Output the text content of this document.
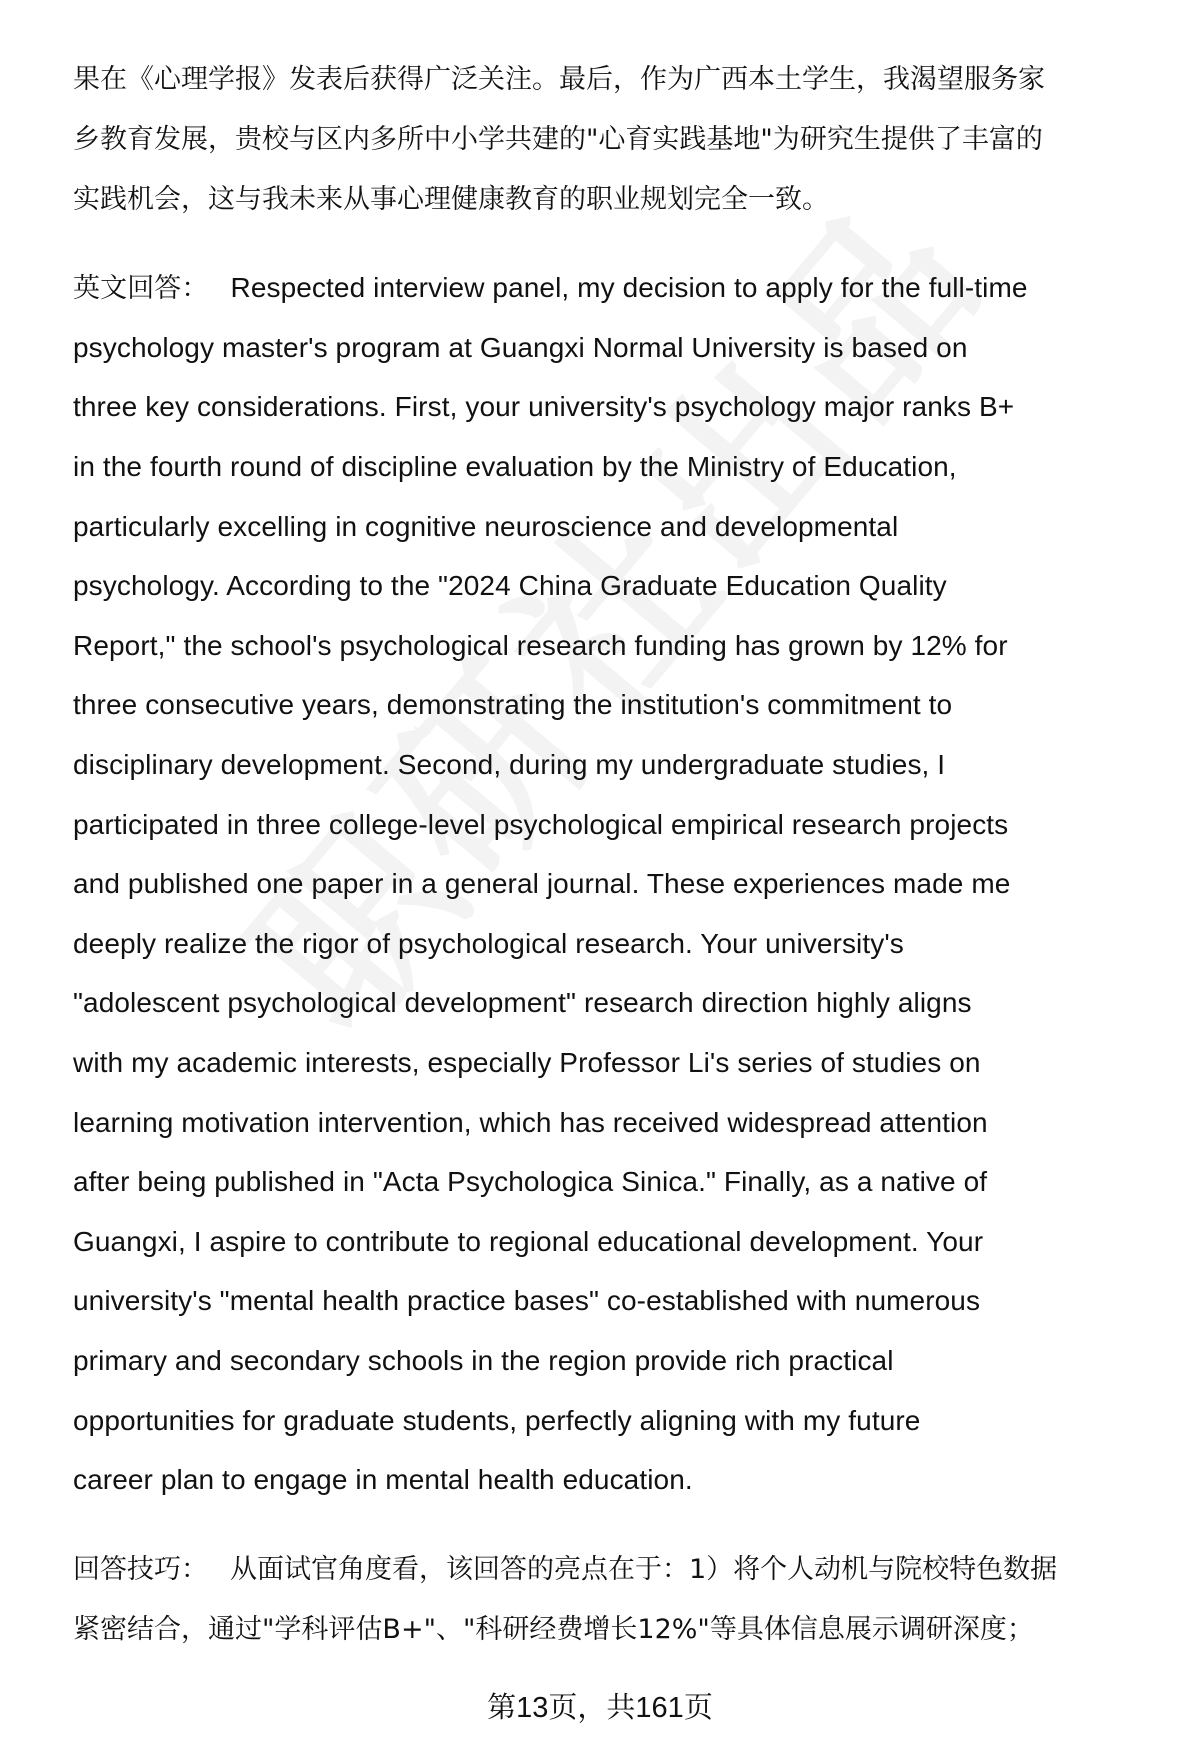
果在《心理学报》发表后获得广泛关注。最后，作为广西本土学生，我渴望服务家
乡教育发展，贵校与区内多所中小学共建的"心育实践基地"为研究生提供了丰富的
实践机会，这与我未来从事心理健康教育的职业规划完全一致。
英文回答： Respected interview panel, my decision to apply for the full-time
psychology master's program at Guangxi Normal University is based on
three key considerations. First, your university's psychology major ranks B+
in the fourth round of discipline evaluation by the Ministry of Education,
particularly excelling in cognitive neuroscience and developmental
psychology. According to the "2024 China Graduate Education Quality
Report," the school's psychological research funding has grown by 12% for
three consecutive years, demonstrating the institution's commitment to
disciplinary development. Second, during my undergraduate studies, I
participated in three college-level psychological empirical research projects
and published one paper in a general journal. These experiences made me
deeply realize the rigor of psychological research. Your university's
"adolescent psychological development" research direction highly aligns
with my academic interests, especially Professor Li's series of studies on
learning motivation intervention, which has received widespread attention
after being published in "Acta Psychologica Sinica." Finally, as a native of
Guangxi, I aspire to contribute to regional educational development. Your
university's "mental health practice bases" co-established with numerous
primary and secondary schools in the region provide rich practical
opportunities for graduate students, perfectly aligning with my future
career plan to engage in mental health education.
回答技巧： 从面试官角度看，该回答的亮点在于：1）将个人动机与院校特色数据
紧密结合，通过"学科评估B+"、"科研经费增长12%"等具体信息展示调研深度；
第13页，共161页
